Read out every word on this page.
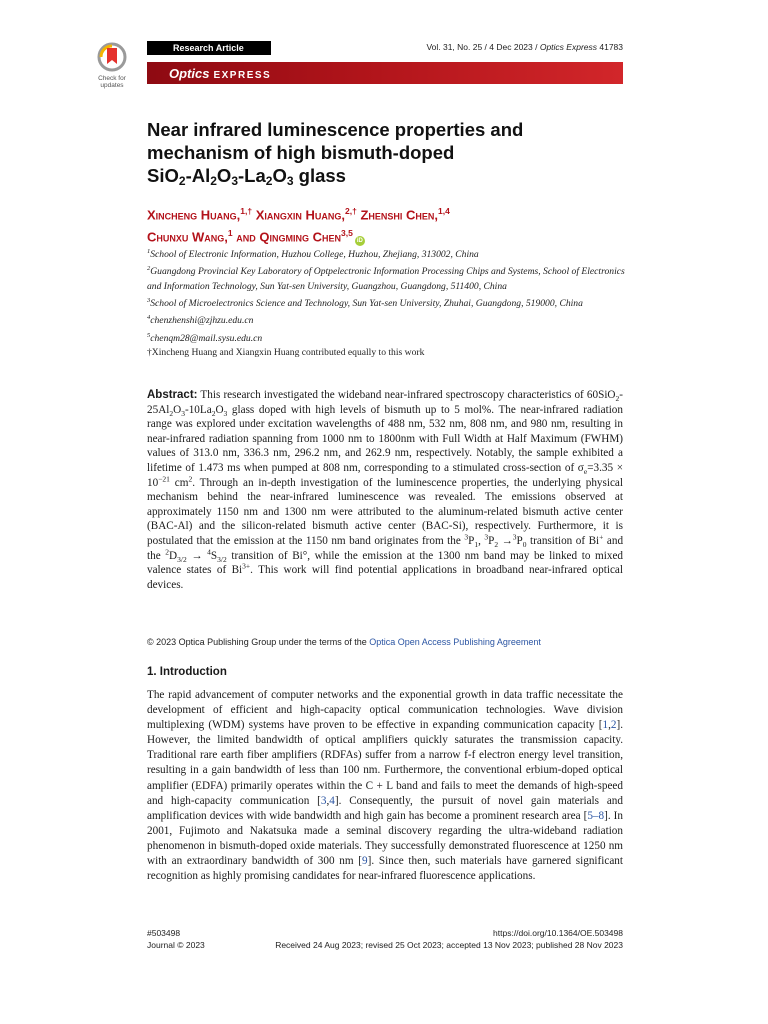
Check for
updates
Research Article	Vol. 31, No. 25 / 4 Dec 2023 / Optics Express 41783
Optics EXPRESS
Near infrared luminescence properties and
mechanism of high bismuth-doped
$SiO_2-Al_2O_3-La_2O_3$ glass
Xincheng Huang,$^{1,\dagger}$ Xiangxin Huang,$^{2,\dagger}$ Zhenshi Chen,$^{1,4}$
Chunxu Wang,$^1$ and Qingming Chen$^{3,5}$iD

$^1$School of Electronic Information, Huzhou College, Huzhou, Zhejiang, 313002, China

$^2$Guangdong Provincial Key Laboratory of Optpelectronic Information Processing Chips and Systems, School of Electronics and Information Technology, Sun Yat-sen University, Guangzhou, Guangdong, 511400, China

$^3$School of Microelectronics Science and Technology, Sun Yat-sen University, Zhuhai, Guangdong, 519000, China

$^4$chenzhenshi@zjhzu.edu.cn

$^5$chenqm28@mail.sysu.edu.cn

†Xincheng Huang and Xiangxin Huang contributed equally to this work

Abstract: This research investigated the wideband near-infrared spectroscopy characteristics of $60SiO_2-25Al_2O_3-10La_2O_3$ glass doped with high levels of bismuth up to 5 mol%. The near-infrared radiation range was explored under excitation wavelengths of 488 nm, 532 nm, 808 nm, and 980 nm, resulting in near-infrared radiation spanning from 1000 nm to 1800nm with Full Width at Half Maximum (FWHM) values of 313.0 nm, 336.3 nm, 296.2 nm, and 262.9 nm, respectively. Notably, the sample exhibited a lifetime of 1.473 ms when pumped at 808 nm, corresponding to a stimulated cross-section of $\sigma_e=3.35 \times 10^{-21}$ $cm^2$. Through an in-depth investigation of the luminescence properties, the underlying physical mechanism behind the near-infrared luminescence was revealed. The emissions observed at approximately 1150 nm and 1300 nm were attributed to the aluminum-related bismuth active center (BAC-Al) and the silicon-related bismuth active center (BAC-Si), respectively. Furthermore, it is postulated that the emission at the 1150 nm band originates from the $^3P_1$, $^3P_2 \to^3P_0$ transition of Bi+ and the $^2D_{3/2} \to ^4S_{3/2}$ transition of Bi°, while the emission at the 1300 nm band may be linked to mixed valence states of $Bi^{3+}$. This work will find potential applications in broadband near-infrared optical devices.

© 2023 Optica Publishing Group under the terms of the Optica Open Access Publishing Agreement
1. Introduction

The rapid advancement of computer networks and the exponential growth in data traffic necessitate the development of efficient and high-capacity optical communication technologies. Wave division multiplexing (WDM) systems have proven to be effective in expanding communication capacity [1,2]. However, the limited bandwidth of optical amplifiers quickly saturates the transmission capacity. Traditional rare earth fiber amplifiers (RDFAs) suffer from a narrow f-f electron energy level transition, resulting in a gain bandwidth of less than 100 nm. Furthermore, the conventional erbium-doped optical amplifier (EDFA) primarily operates within the C + L band and fails to meet the demands of high-speed and high-capacity communication [3,4]. Consequently, the pursuit of novel gain materials and amplification devices with wide bandwidth and high gain has become a prominent research area [5–8]. In 2001, Fujimoto and Nakatsuka made a seminal discovery regarding the ultra-wideband radiation phenomenon in bismuth-doped oxide materials. They successfully demonstrated fluorescence at 1250 nm with an extraordinary bandwidth of 300 nm [9]. Since then, such materials have garnered significant recognition as highly promising candidates for near-infrared fluorescence applications.

#503498
Journal © 2023
https://doi.org/10.1364/OE.503498
Received 24 Aug 2023; revised 25 Oct 2023; accepted 13 Nov 2023; published 28 Nov 2023
